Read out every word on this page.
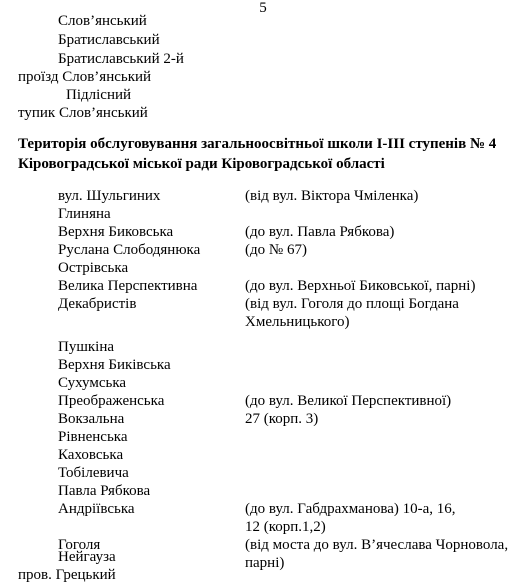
5
Слов’янський
Братиславський
Братиславський 2-й
проїзд Слов’янський
Підлісний
тупик Слов’янський
Територія обслуговування загальноосвітньої школи І-ІІІ ступенів № 4
Кіровоградської міської ради Кіровоградської області
вул. Шульгиних	(від вул. Віктора Чміленка)
Глиняна
Верхня Биковська	(до вул. Павла Рябкова)
Руслана Слободянюка	(до № 67)
Острівська
Велика Перспективна	(до вул. Верхньої Биковської, парні)
Декабристів	(від вул. Гоголя до площі Богдана
Хмельницького)
Пушкіна
Верхня Биківська
Сухумська
Преображенська	(до вул. Великої Перспективної)
Вокзальна	27 (корп. 3)
Рівненська
Каховська
Тобілевича
Павла Рябкова
Андріївська	(до вул. Габдрахманова) 10-а, 16,
12 (корп.1,2)
Гоголя	(від моста до вул. В’ячеслава Чорновола,
парні)
Нейгауза
пров. Грецький
